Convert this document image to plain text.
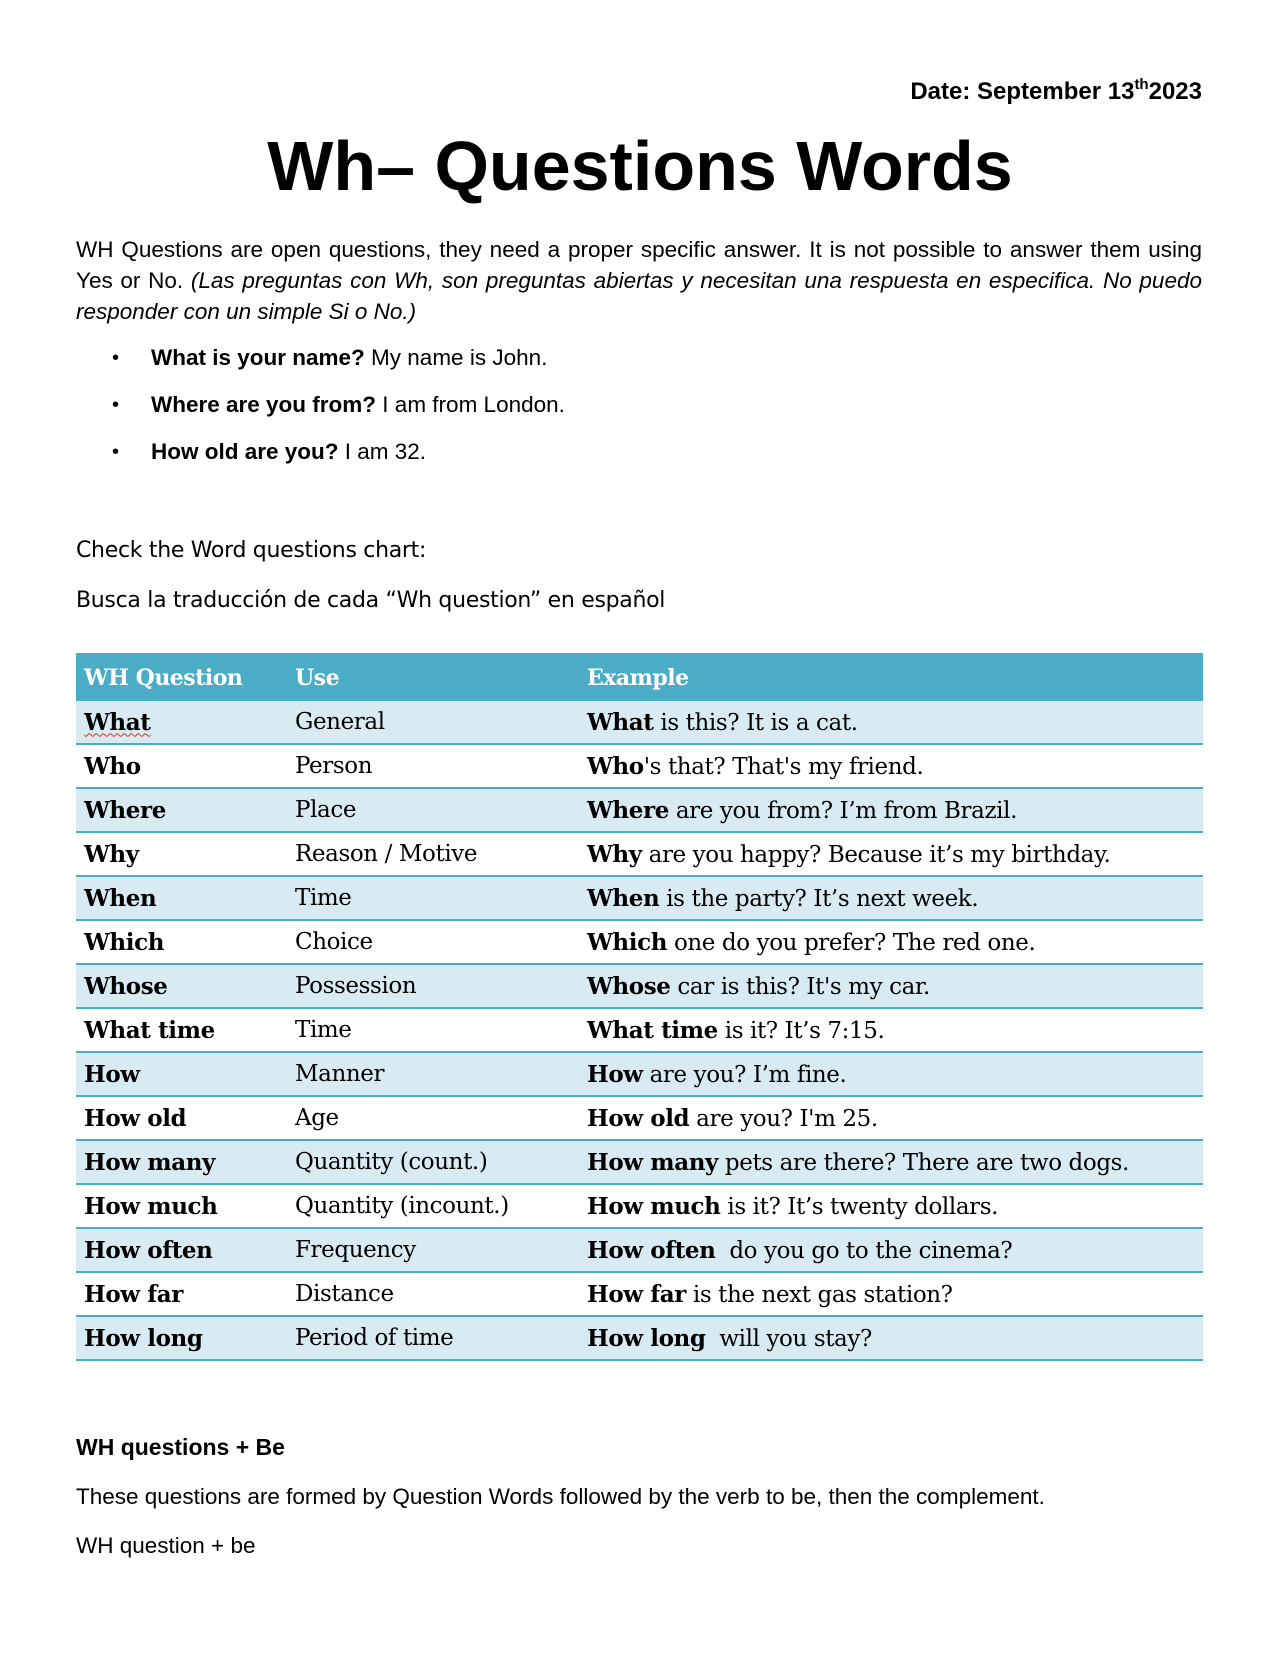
Date: September 13th2023
Wh– Questions Words

WH Questions are open questions, they need a proper specific answer. It is not possible to answer them using Yes or No. (Las preguntas con Wh, son preguntas abiertas y necesitan una respuesta en especifica. No puedo responder con un simple Si o No.)

• What is your name? My name is John.
• Where are you from? I am from London.
• How old are you? I am 32.

Check the Word questions chart:

Busca la traducción de cada “Wh question” en español

WH Question	Use	Example
What	General	What is this? It is a cat.
Who	Person	Who's that? That's my friend.
Where	Place	Where are you from? I’m from Brazil.
Why	Reason / Motive	Why are you happy? Because it’s my birthday.
When	Time	When is the party? It’s next week.
Which	Choice	Which one do you prefer? The red one.
Whose	Possession	Whose car is this? It's my car.
What time	Time	What time is it? It’s 7:15.
How	Manner	How are you? I’m fine.
How old	Age	How old are you? I'm 25.
How many	Quantity (count.)	How many pets are there? There are two dogs.
How much	Quantity (incount.)	How much is it? It’s twenty dollars.
How often	Frequency	How often  do you go to the cinema?
How far	Distance	How far is the next gas station?
How long	Period of time	How long  will you stay?

WH questions + Be

These questions are formed by Question Words followed by the verb to be, then the complement.

WH question + be
